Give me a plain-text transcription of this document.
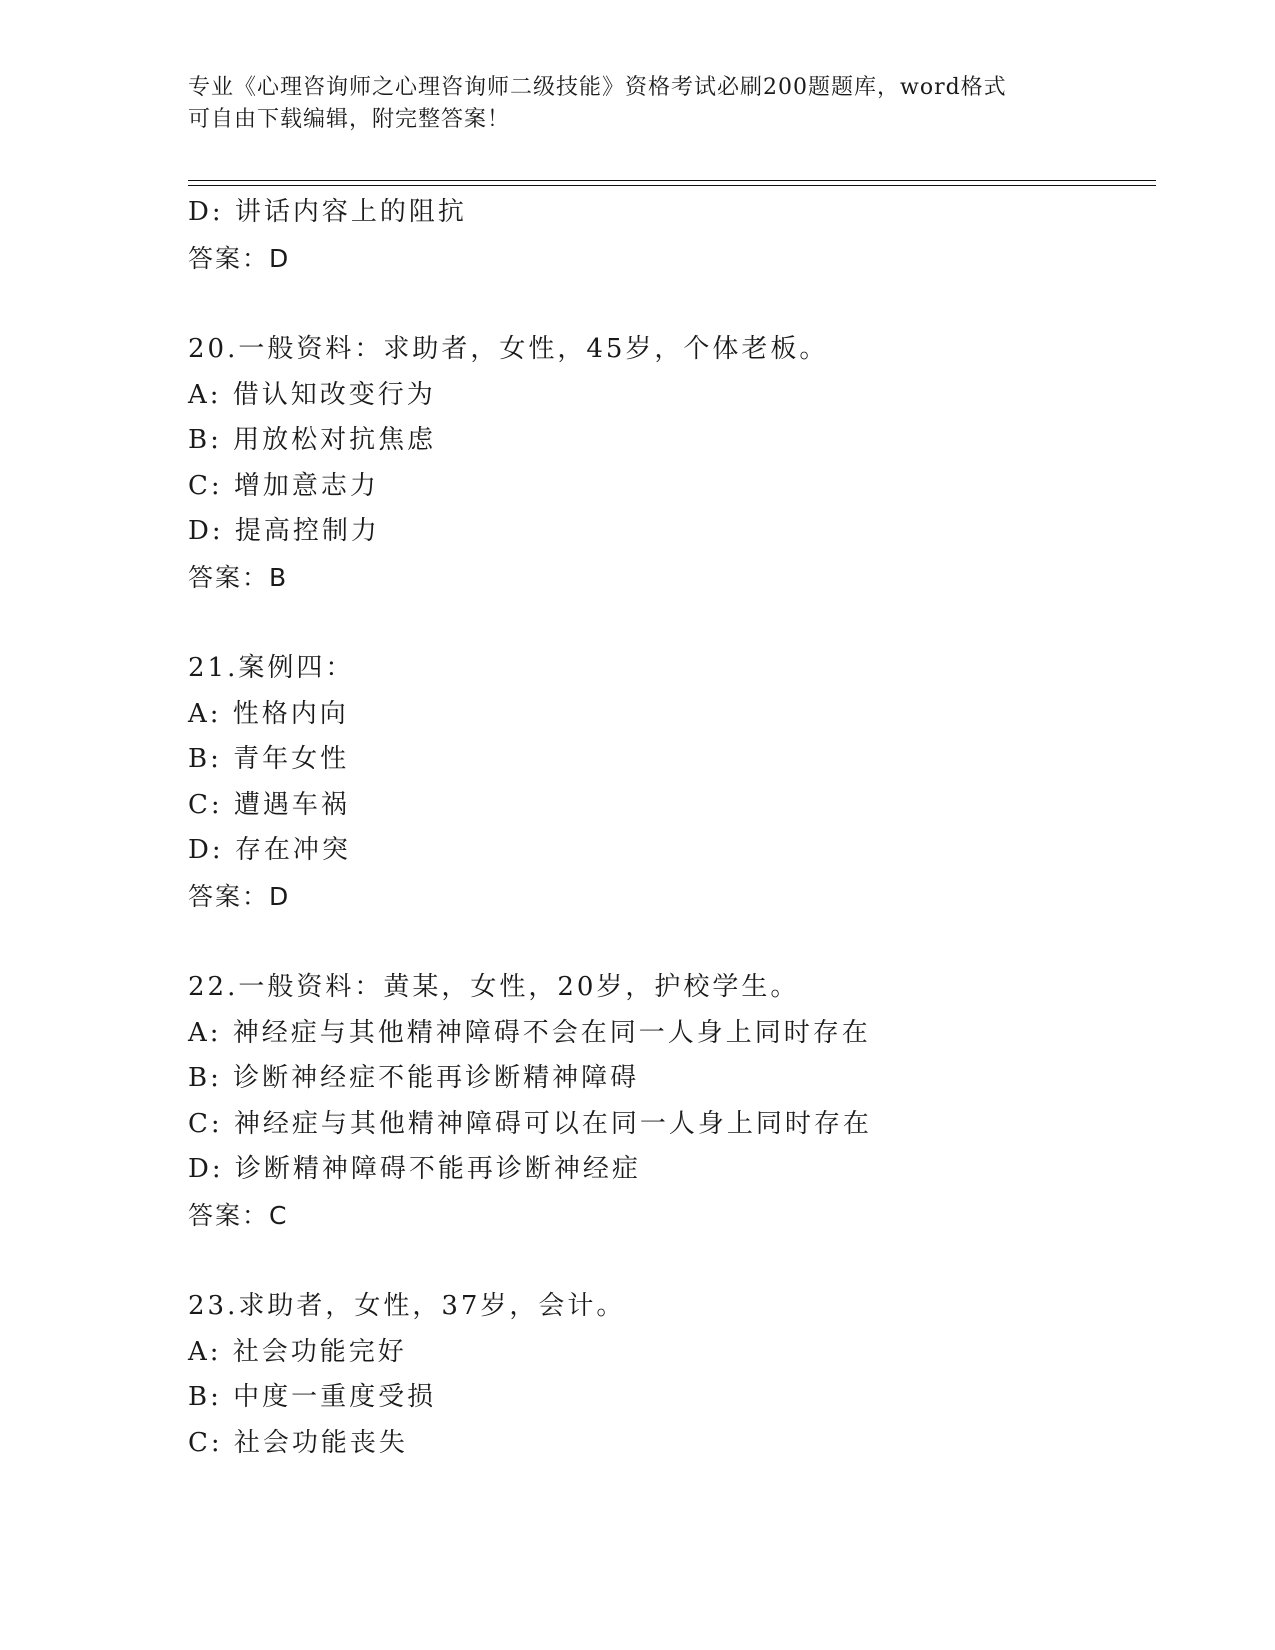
专业《心理咨询师之心理咨询师二级技能》资格考试必刷200题题库，word格式
可自由下载编辑，附完整答案！
D: 讲话内容上的阻抗
答案：D
20.一般资料：求助者，女性，45岁，个体老板。
A: 借认知改变行为
B: 用放松对抗焦虑
C: 增加意志力
D: 提高控制力
答案：B
21.案例四：
A: 性格内向
B: 青年女性
C: 遭遇车祸
D: 存在冲突
答案：D
22.一般资料：黄某，女性，20岁，护校学生。
A: 神经症与其他精神障碍不会在同一人身上同时存在
B: 诊断神经症不能再诊断精神障碍
C: 神经症与其他精神障碍可以在同一人身上同时存在
D: 诊断精神障碍不能再诊断神经症
答案：C
23.求助者，女性，37岁，会计。
A: 社会功能完好
B: 中度一重度受损
C: 社会功能丧失
